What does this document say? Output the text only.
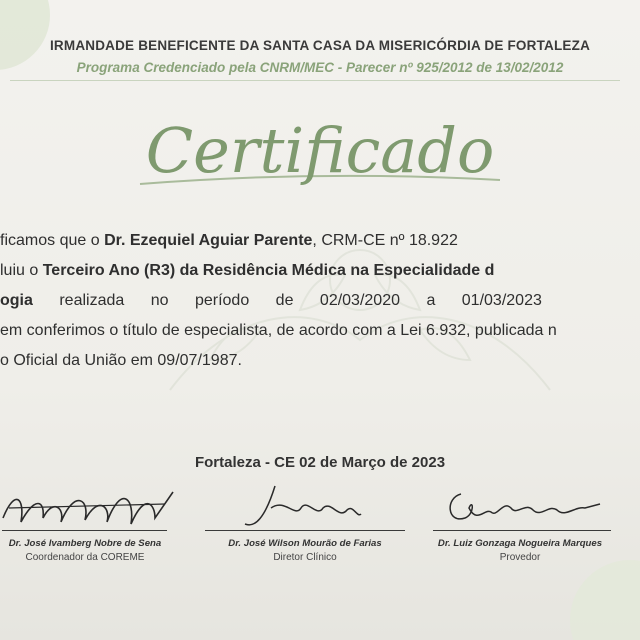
IRMANDADE BENEFICENTE DA SANTA CASA DA MISERICÓRDIA DE FORTALEZA
Programa Credenciado pela CNRM/MEC - Parecer nº 925/2012 de 13/02/2012
Certificado
ficamos que o Dr. Ezequiel Aguiar Parente, CRM-CE nº 18.922
luiu o Terceiro Ano (R3) da Residência Médica na Especialidade d
ogia realizada no período de 02/03/2020 a 01/03/2023
em conferimos o título de especialista, de acordo com a Lei 6.932, publicada n
o Oficial da União em 09/07/1987.
Fortaleza - CE 02 de Março de 2023
Dr. José Ivamberg Nobre de Sena
Coordenador da COREME
Dr. José Wilson Mourão de Farias
Diretor Clínico
Dr. Luiz Gonzaga Nogueira Marques
Provedor
